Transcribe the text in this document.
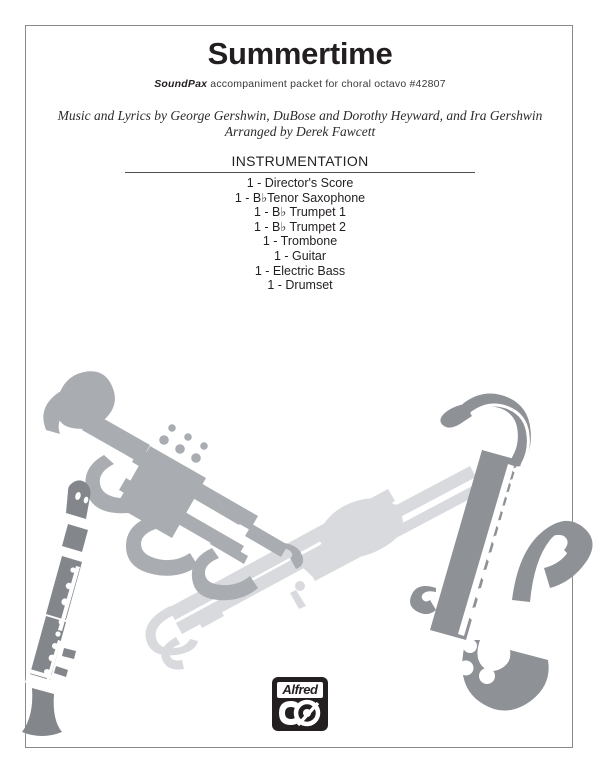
Summertime
SoundPax accompaniment packet for choral octavo #42807
Music and Lyrics by George Gershwin, DuBose and Dorothy Heyward, and Ira Gershwin
Arranged by Derek Fawcett
INSTRUMENTATION
1 - Director's Score
1 - B♭Tenor Saxophone
1 - B♭ Trumpet 1
1 - B♭ Trumpet 2
1 - Trombone
1 - Guitar
1 - Electric Bass
1 - Drumset
Alfred
